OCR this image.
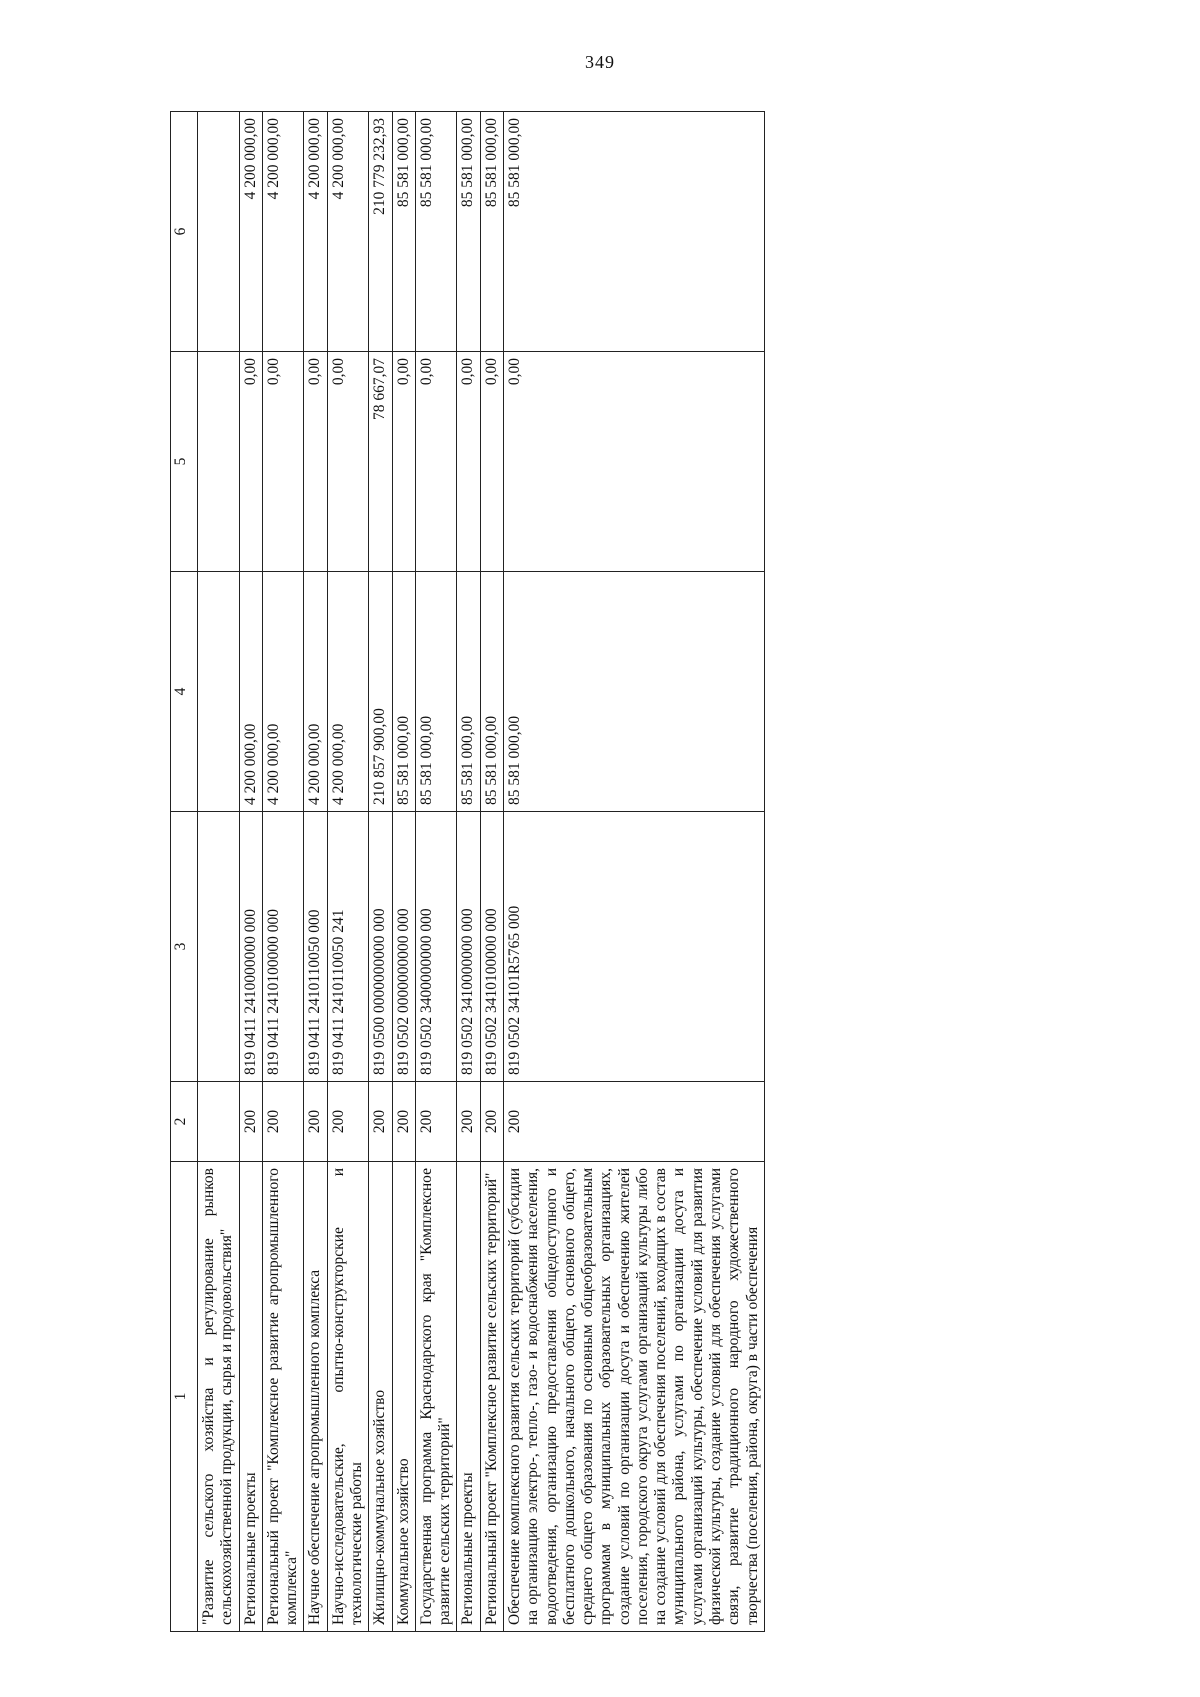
349
1	2	3	4	5	6
"Развитие сельского хозяйства и регулирование рынков сельскохозяйственной продукции, сырья и продовольствия"					
Региональные проекты	200	819 0411 2410000000 000	4 200 000,00	0,00	4 200 000,00
Региональный проект "Комплексное развитие агропромышленного комплекса"	200	819 0411 2410100000 000	4 200 000,00	0,00	4 200 000,00
Научное обеспечение агропромышленного комплекса	200	819 0411 2410110050 000	4 200 000,00	0,00	4 200 000,00
Научно-исследовательские, опытно-конструкторские и технологические работы	200	819 0411 2410110050 241	4 200 000,00	0,00	4 200 000,00
Жилищно-коммунальное хозяйство	200	819 0500 0000000000 000	210 857 900,00	78 667,07	210 779 232,93
Коммунальное хозяйство	200	819 0502 0000000000 000	85 581 000,00	0,00	85 581 000,00
Государственная программа Краснодарского края "Комплексное развитие сельских территорий"	200	819 0502 3400000000 000	85 581 000,00	0,00	85 581 000,00
Региональные проекты	200	819 0502 3410000000 000	85 581 000,00	0,00	85 581 000,00
Региональный проект "Комплексное развитие сельских территорий"	200	819 0502 3410100000 000	85 581 000,00	0,00	85 581 000,00
Обеспечение комплексного развития сельских территорий (субсидии на организацию электро-, тепло-, газо- и водоснабжения населения, водоотведения, организацию предоставления общедоступного и бесплатного дошкольного, начального общего, основного общего, среднего общего образования по основным общеобразовательным программам в муниципальных образовательных организациях, создание условий по организации досуга и обеспечению жителей поселения, городского округа услугами организаций культуры либо на создание условий для обеспечения поселений, входящих в состав муниципального района, услугами по организации досуга и услугами организаций культуры, обеспечение условий для развития физической культуры, создание условий для обеспечения услугами связи, развитие традиционного народного художественного творчества (поселения, района, округа) в части обеспечения	200	819 0502 34101R5765 000	85 581 000,00	0,00	85 581 000,00
